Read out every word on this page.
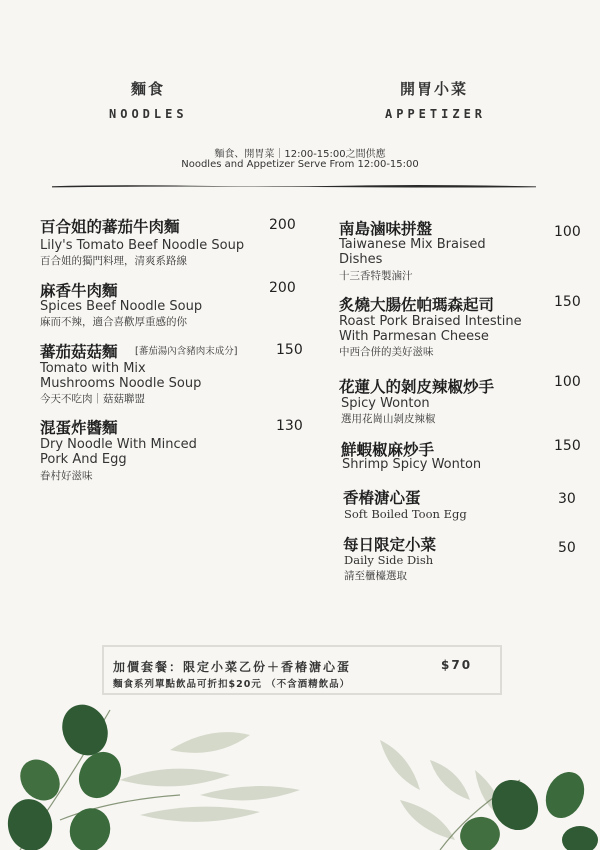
麵食
NOODLES
開胃小菜
APPETIZER
麵食、開胃菜｜12:00-15:00之間供應
Noodles and Appetizer Serve From 12:00-15:00
百合姐的蕃茄牛肉麵	200
Lily's Tomato Beef Noodle Soup
百合姐的獨門料理，清爽系路線
麻香牛肉麵	200
Spices Beef Noodle Soup
麻而不辣，適合喜歡厚重感的你
蕃茄菇菇麵 [蕃茄湯內含豬肉末成分]	150
Tomato with Mix
Mushrooms Noodle Soup
今天不吃肉｜菇菇聯盟
混蛋炸醬麵	130
Dry Noodle With Minced
Pork And Egg
眷村好滋味
南島滷味拼盤	100
Taiwanese Mix Braised
Dishes
十三香特製滷汁
炙燒大腸佐帕瑪森起司	150
Roast Pork Braised Intestine
With Parmesan Cheese
中西合併的美好滋味
花蓮人的剝皮辣椒炒手	100
Spicy Wonton
選用花崗山剝皮辣椒
鮮蝦椒麻炒手	150
Shrimp Spicy Wonton
香椿溏心蛋	30
Soft Boiled Toon Egg
每日限定小菜	50
Daily Side Dish
請至櫃檯選取
加價套餐：限定小菜乙份＋香椿溏心蛋	$70
麵食系列單點飲品可折扣$20元 （不含酒精飲品）
